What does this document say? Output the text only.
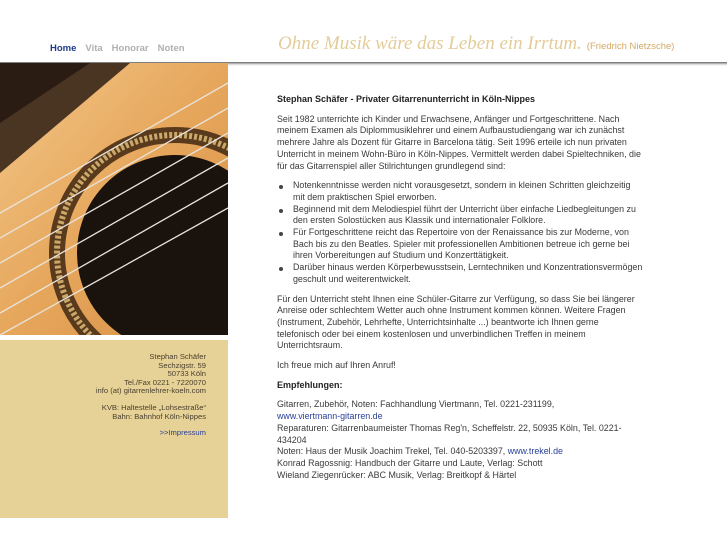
Home Vita Honorar Noten	Ohne Musik wäre das Leben ein Irrtum. (Friedrich Nietzsche)
Stephan Schäfer
Sechzigstr. 59
50733 Köln
Tel./Fax 0221 - 7220070
info (at) gitarrenlehrer-koeln.com
KVB: Haltestelle „Lohsestraße“
Bahn: Bahnhof Köln-Nippes
>>Impressum
Stephan Schäfer - Privater Gitarrenunterricht in Köln-Nippes

Seit 1982 unterrichte ich Kinder und Erwachsene, Anfänger und Fortgeschrittene. Nach meinem Examen als Diplommusiklehrer und einem Aufbaustudiengang war ich zunächst mehrere Jahre als Dozent für Gitarre in Barcelona tätig. Seit 1996 erteile ich nun privaten Unterricht in meinem Wohn-Büro in Köln-Nippes. Vermittelt werden dabei Spieltechniken, die für das Gitarrenspiel aller Stilrichtungen grundlegend sind:

Notenkenntnisse werden nicht vorausgesetzt, sondern in kleinen Schritten gleichzeitig mit dem praktischen Spiel erworben.
Beginnend mit dem Melodiespiel führt der Unterricht über einfache Liedbegleitungen zu den ersten Solostücken aus Klassik und internationaler Folklore.
Für Fortgeschrittene reicht das Repertoire von der Renaissance bis zur Moderne, von Bach bis zu den Beatles. Spieler mit professionellen Ambitionen betreue ich gerne bei ihren Vorbereitungen auf Studium und Konzerttätigkeit.
Darüber hinaus werden Körperbewusstsein, Lerntechniken und Konzentrationsvermögen geschult und weiterentwickelt.

Für den Unterricht steht Ihnen eine Schüler-Gitarre zur Verfügung, so dass Sie bei längerer Anreise oder schlechtem Wetter auch ohne Instrument kommen können. Weitere Fragen (Instrument, Zubehör, Lehrhefte, Unterrichtsinhalte ...) beantworte ich Ihnen gerne telefonisch oder bei einem kostenlosen und unverbindlichen Treffen in meinem Unterrichtsraum.

Ich freue mich auf Ihren Anruf!

Empfehlungen:
Gitarren, Zubehör, Noten: Fachhandlung Viertmann, Tel. 0221-231199,
www.viertmann-gitarren.de
Reparaturen: Gitarrenbaumeister Thomas Reg'n, Scheffelstr. 22, 50935 Köln, Tel. 0221-434204
Noten: Haus der Musik Joachim Trekel, Tel. 040-5203397, www.trekel.de
Konrad Ragossnig: Handbuch der Gitarre und Laute, Verlag: Schott
Wieland Ziegenrücker: ABC Musik, Verlag: Breitkopf & Härtel
